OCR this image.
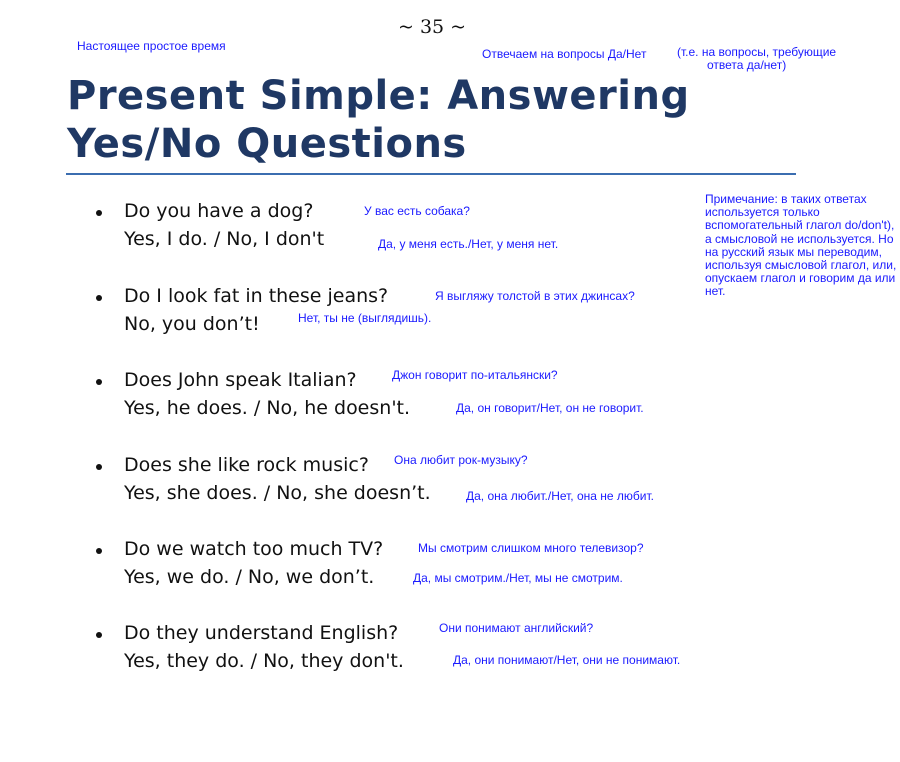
~ 35 ~
Настоящее простое время
Отвечаем на вопросы Да/Нет	(т.е. на вопросы, требующие
ответа да/нет)
Present Simple: Answering
Yes/No Questions
Примечание: в таких ответах используется только вспомогательный глагол do/don't), а смысловой не используется. Но на русский язык мы переводим, используя смысловой глагол, или, опускаем глагол и говорим да или нет.
Do you have a dog?	У вас есть собака?
Yes, I do. / No, I don't	Да, у меня есть./Нет, у меня нет.
Do I look fat in these jeans?	Я выгляжу толстой в этих джинсах?
No, you don’t!	Нет, ты не (выглядишь).
Does John speak Italian?	Джон говорит по-итальянски?
Yes, he does. / No, he doesn't.	Да, он говорит/Нет, он не говорит.
Does she like rock music? Она любит рок-музыку?
Yes, she does. / No, she doesn’t.	Да, она любит./Нет, она не любит.
Do we watch too much TV?	Мы смотрим слишком много телевизор?
Yes, we do. / No, we don’t.	Да, мы смотрим./Нет, мы не смотрим.
Do they understand English?	Они понимают английский?
Yes, they do. / No, they don't.	Да, они понимают/Нет, они не понимают.
